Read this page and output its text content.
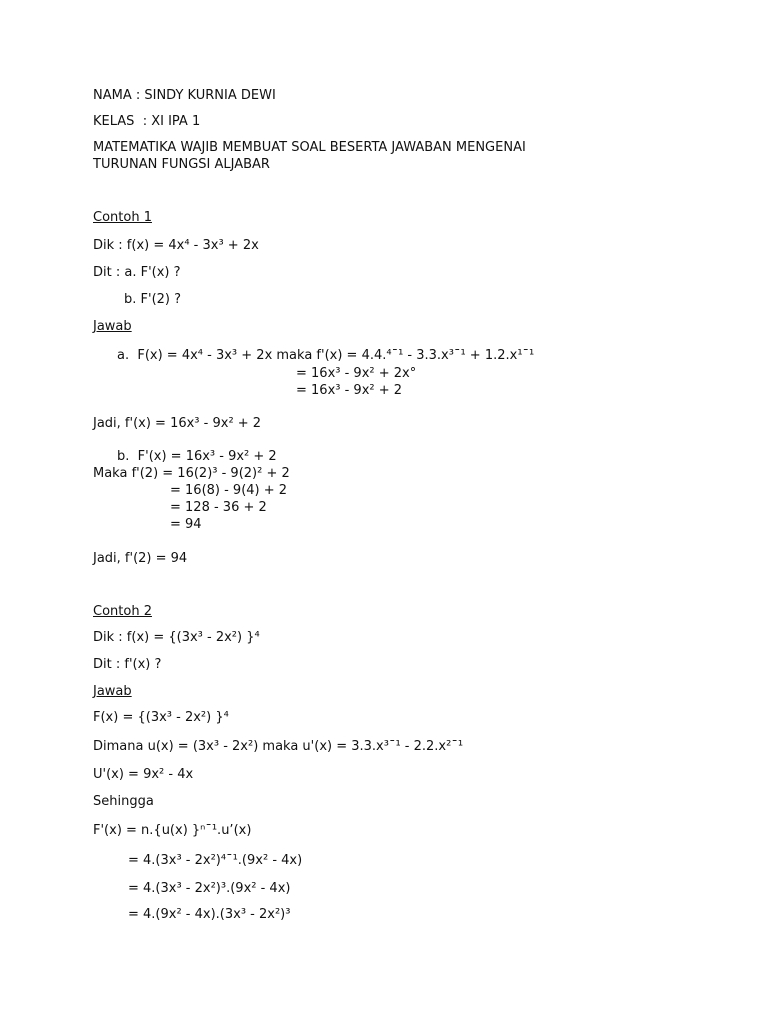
NAMA : SINDY KURNIA DEWI
KELAS  : XI IPA 1
MATEMATIKA WAJIB MEMBUAT SOAL BESERTA JAWABAN MENGENAI
TURUNAN FUNGSI ALJABAR
Contoh 1
Dik : f(x) = 4x⁴ - 3x³ + 2x
Dit : a. F'(x) ?
b. F'(2) ?
Jawab
a.  F(x) = 4x⁴ - 3x³ + 2x maka f'(x) = 4.4.⁴¯¹ - 3.3.x³¯¹ + 1.2.x¹¯¹
= 16x³ - 9x² + 2x°
= 16x³ - 9x² + 2
Jadi, f'(x) = 16x³ - 9x² + 2
b.  F'(x) = 16x³ - 9x² + 2
Maka f'(2) = 16(2)³ - 9(2)² + 2
= 16(8) - 9(4) + 2
= 128 - 36 + 2
= 94
Jadi, f'(2) = 94
Contoh 2
Dik : f(x) = {(3x³ - 2x²) }⁴
Dit : f'(x) ?
Jawab
F(x) = {(3x³ - 2x²) }⁴
Dimana u(x) = (3x³ - 2x²) maka u'(x) = 3.3.x³¯¹ - 2.2.x²¯¹
U'(x) = 9x² - 4x
Sehingga
F'(x) = n.{u(x) }ⁿ¯¹.u’(x)
= 4.(3x³ - 2x²)⁴¯¹.(9x² - 4x)
= 4.(3x³ - 2x²)³.(9x² - 4x)
= 4.(9x² - 4x).(3x³ - 2x²)³
